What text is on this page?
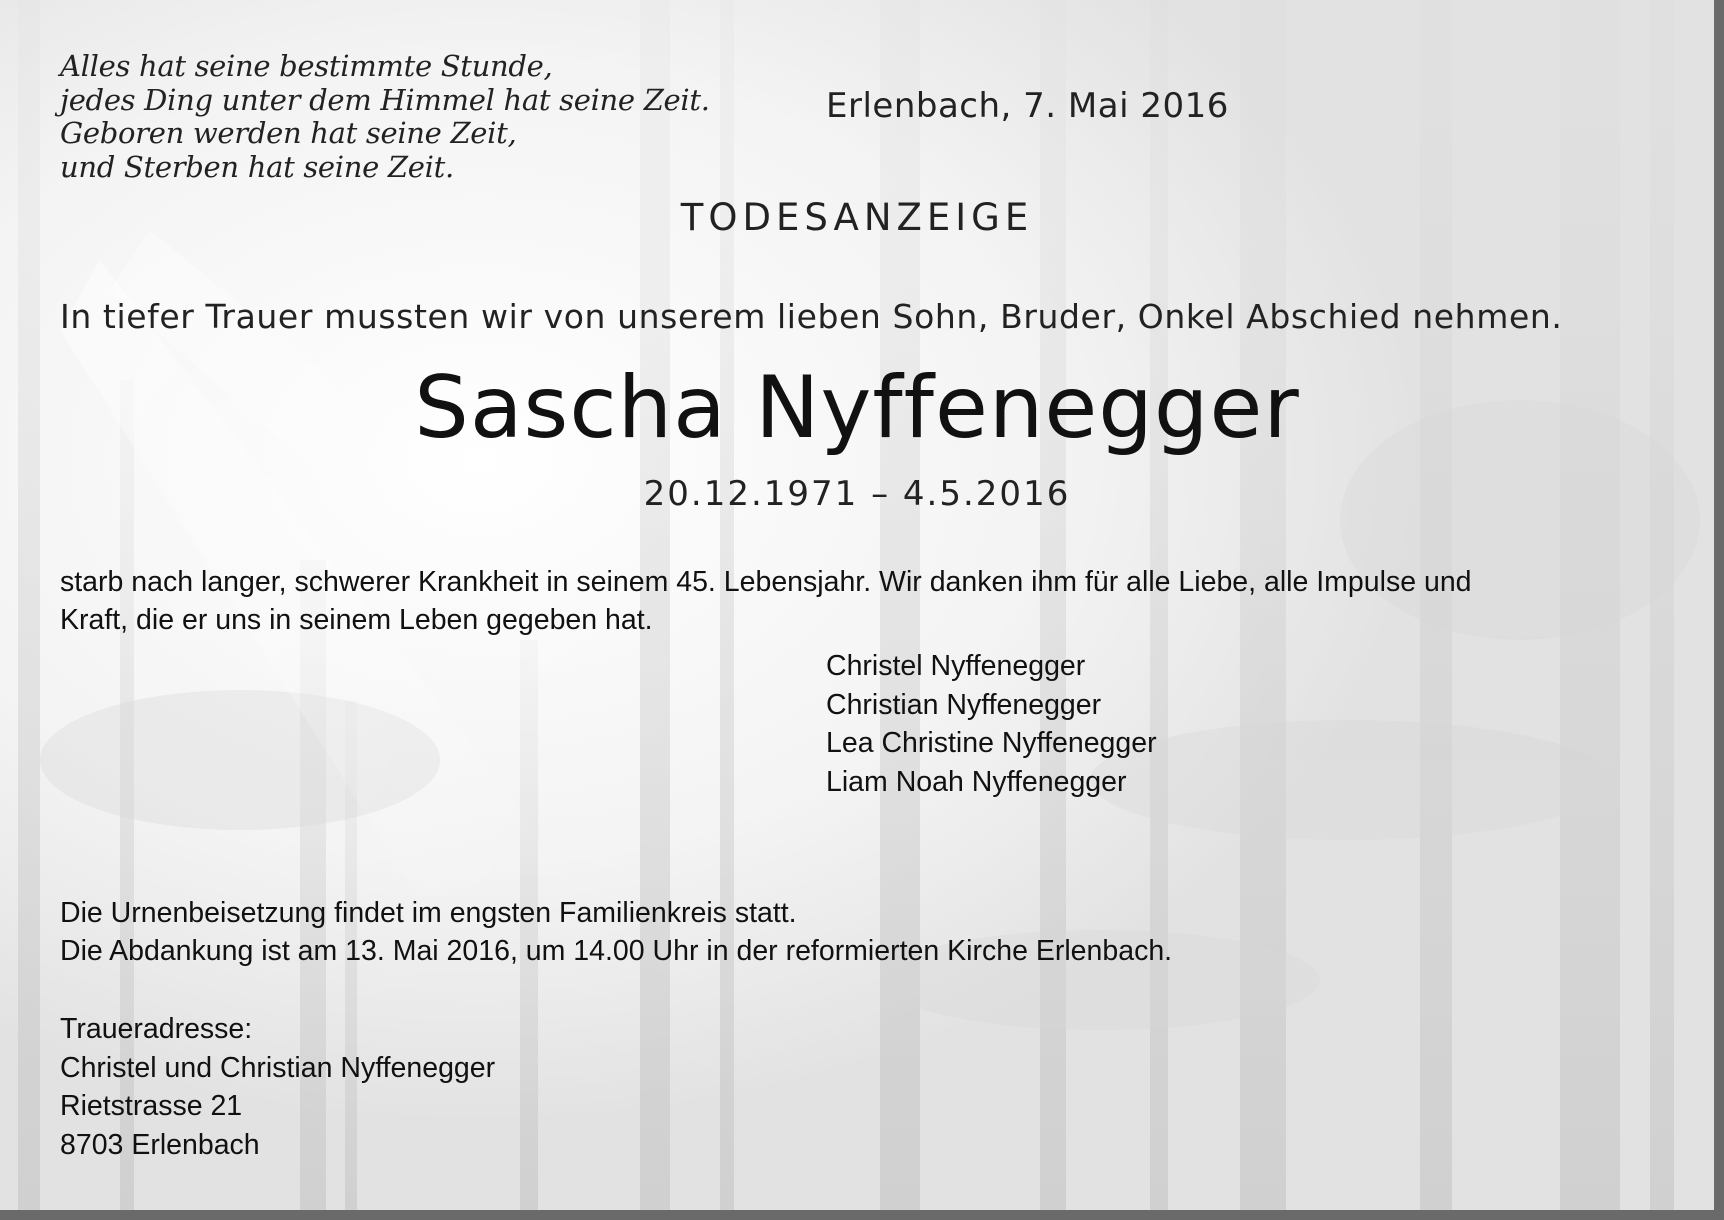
Alles hat seine bestimmte Stunde,
jedes Ding unter dem Himmel hat seine Zeit.
Geboren werden hat seine Zeit,
und Sterben hat seine Zeit.
Erlenbach, 7. Mai 2016
TODESANZEIGE
In tiefer Trauer mussten wir von unserem lieben Sohn, Bruder, Onkel Abschied nehmen.
Sascha Nyffenegger
20.12.1971 – 4.5.2016
starb nach langer, schwerer Krankheit in seinem 45. Lebensjahr. Wir danken ihm für alle Liebe, alle Impulse und
Kraft, die er uns in seinem Leben gegeben hat.
Christel Nyffenegger
Christian Nyffenegger
Lea Christine Nyffenegger
Liam Noah Nyffenegger
Die Urnenbeisetzung findet im engsten Familienkreis statt.
Die Abdankung ist am 13. Mai 2016, um 14.00 Uhr in der reformierten Kirche Erlenbach.
Traueradresse:
Christel und Christian Nyffenegger
Rietstrasse 21
8703 Erlenbach
